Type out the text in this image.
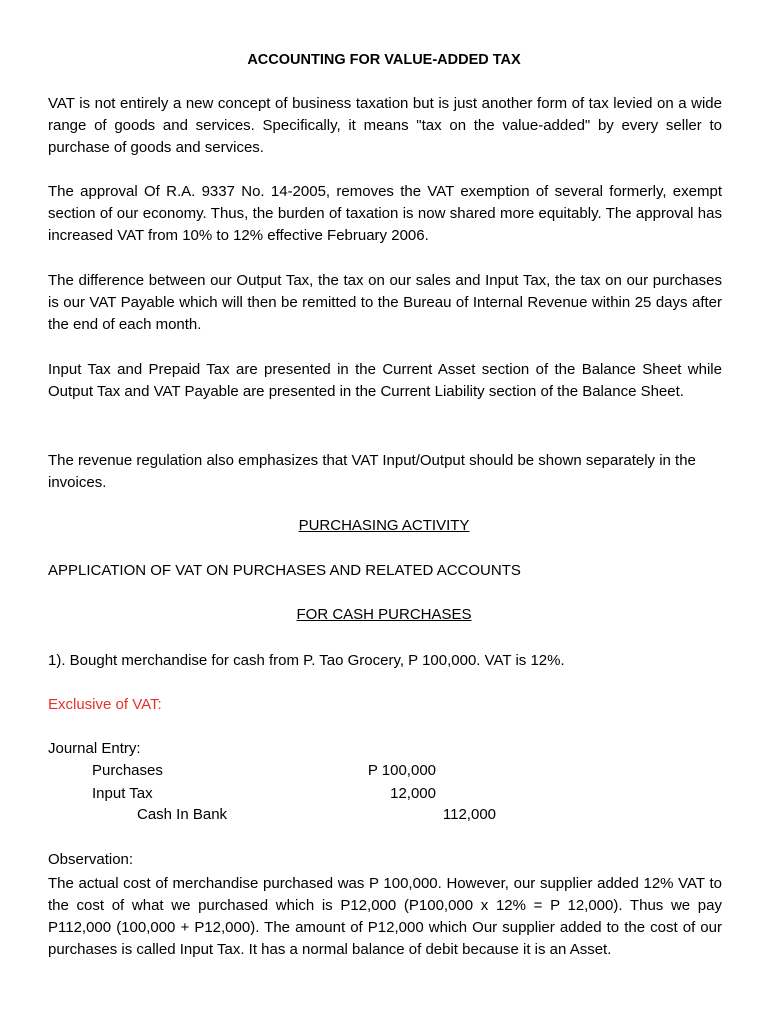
ACCOUNTING FOR VALUE-ADDED TAX
VAT is not entirely a new concept of business taxation but is just another form of tax levied on a wide range of goods and services. Specifically, it means "tax on the value-added" by every seller to purchase of goods and services.
The approval Of R.A. 9337 No. 14-2005, removes the VAT exemption of several formerly, exempt section of our economy. Thus, the burden of taxation is now shared more equitably. The approval has increased VAT from 10% to 12% effective February 2006.
The difference between our Output Tax, the tax on our sales and Input Tax, the tax on our purchases is our VAT Payable which will then be remitted to the Bureau of Internal Revenue within 25 days after the end of each month.
Input Tax and Prepaid Tax are presented in the Current Asset section of the Balance Sheet while Output Tax and VAT Payable are presented in the Current Liability section of the Balance Sheet.
The revenue regulation also emphasizes that VAT Input/Output should be shown separately in the invoices.
PURCHASING ACTIVITY
APPLICATION OF VAT ON PURCHASES AND RELATED ACCOUNTS
FOR CASH PURCHASES
1). Bought merchandise for cash from P. Tao Grocery, P 100,000. VAT is 12%.
Exclusive of VAT:
Journal Entry:
Purchases	P 100,000
Input Tax	12,000
Cash In Bank	112,000
Observation:
The actual cost of merchandise purchased was P 100,000. However, our supplier added 12% VAT to the cost of what we purchased which is P12,000 (P100,000 x 12% = P 12,000). Thus we pay P112,000 (100,000 + P12,000). The amount of P12,000 which Our supplier added to the cost of our purchases is called Input Tax. It has a normal balance of debit because it is an Asset.
